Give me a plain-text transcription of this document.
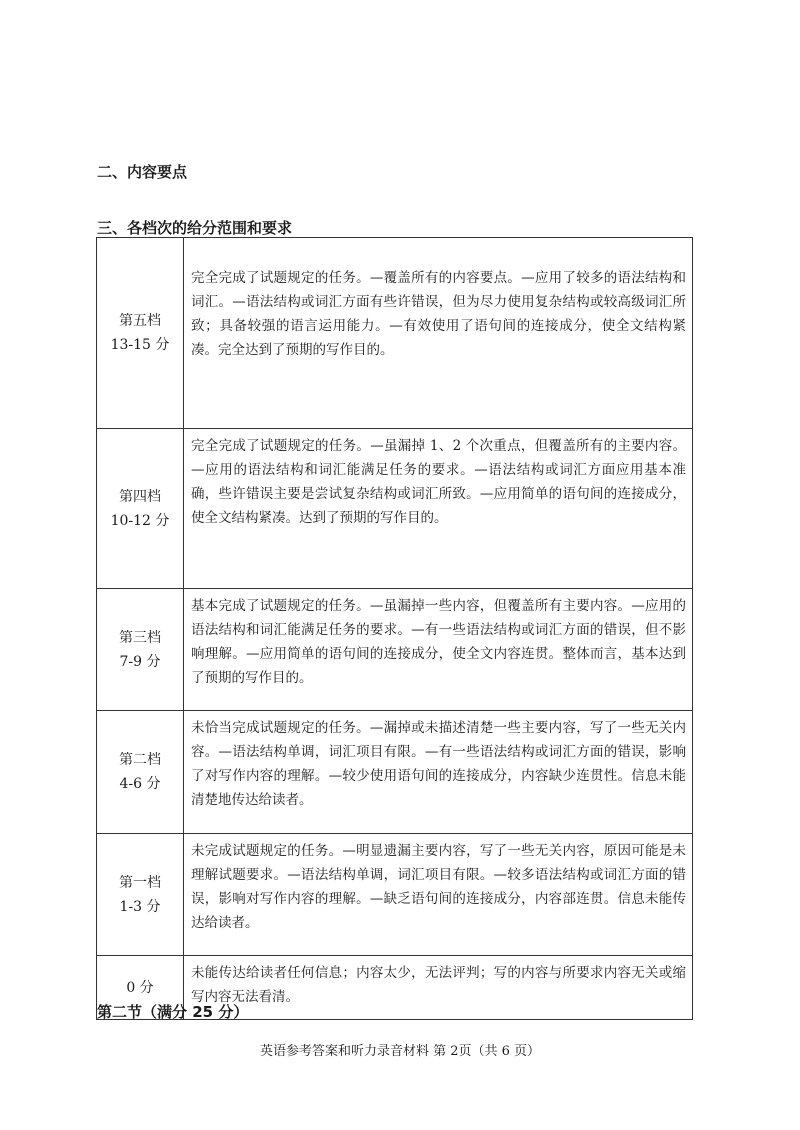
二、内容要点
三、各档次的给分范围和要求
第五档
13-15 分	完全完成了试题规定的任务。—覆盖所有的内容要点。—应用了较多的语法结构和词汇。—语法结构或词汇方面有些许错误，但为尽力使用复杂结构或较高级词汇所致；具备较强的语言运用能力。—有效使用了语句间的连接成分，使全文结构紧凑。完全达到了预期的写作目的。

第四档
10-12 分	完全完成了试题规定的任务。—虽漏掉 1、2 个次重点，但覆盖所有的主要内容。—应用的语法结构和词汇能满足任务的要求。—语法结构或词汇方面应用基本准确，些许错误主要是尝试复杂结构或词汇所致。—应用简单的语句间的连接成分，使全文结构紧凑。达到了预期的写作目的。

第三档
7-9 分	基本完成了试题规定的任务。—虽漏掉一些内容，但覆盖所有主要内容。—应用的语法结构和词汇能满足任务的要求。—有一些语法结构或词汇方面的错误，但不影响理解。—应用简单的语句间的连接成分，使全文内容连贯。整体而言，基本达到了预期的写作目的。

第二档
4-6 分	未恰当完成试题规定的任务。—漏掉或未描述清楚一些主要内容，写了一些无关内容。—语法结构单调，词汇项目有限。—有一些语法结构或词汇方面的错误，影响了对写作内容的理解。—较少使用语句间的连接成分，内容缺少连贯性。信息未能清楚地传达给读者。

第一档
1-3 分	未完成试题规定的任务。—明显遗漏主要内容，写了一些无关内容，原因可能是未理解试题要求。—语法结构单调，词汇项目有限。—较多语法结构或词汇方面的错误，影响对写作内容的理解。—缺乏语句间的连接成分，内容部连贯。信息未能传达给读者。

0 分	未能传达给读者任何信息；内容太少，无法评判；写的内容与所要求内容无关或缩写内容无法看清。
第二节（满分 25 分）
英语参考答案和听力录音材料 第 2页（共 6 页）
